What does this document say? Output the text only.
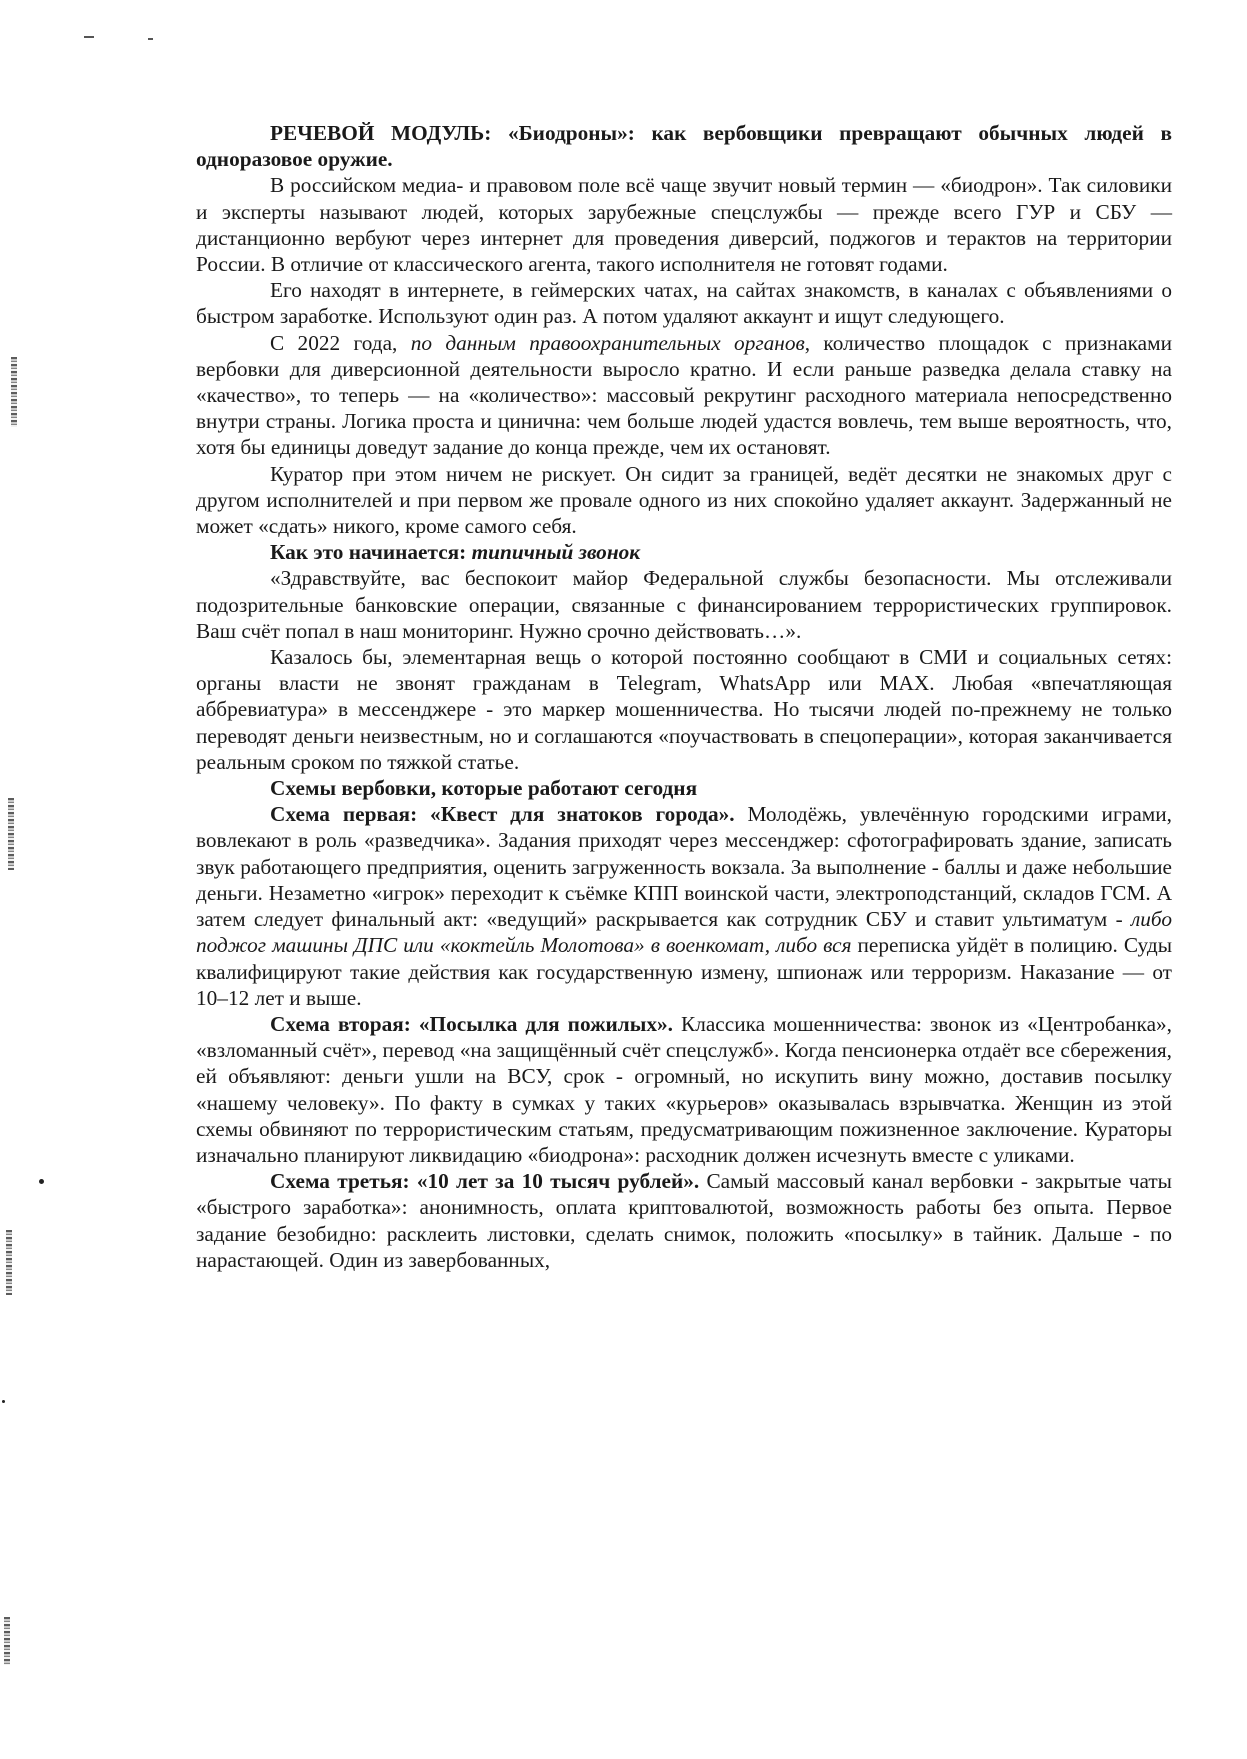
РЕЧЕВОЙ МОДУЛЬ: «Биодроны»: как вербовщики превращают обычных людей в одноразовое оружие.

В российском медиа- и правовом поле всё чаще звучит новый термин — «биодрон». Так силовики и эксперты называют людей, которых зарубежные спецслужбы — прежде всего ГУР и СБУ — дистанционно вербуют через интернет для проведения диверсий, поджогов и терактов на территории России. В отличие от классического агента, такого исполнителя не готовят годами.

Его находят в интернете, в геймерских чатах, на сайтах знакомств, в каналах с объявлениями о быстром заработке. Используют один раз. А потом удаляют аккаунт и ищут следующего.

С 2022 года, по данным правоохранительных органов, количество площадок с признаками вербовки для диверсионной деятельности выросло кратно. И если раньше разведка делала ставку на «качество», то теперь — на «количество»: массовый рекрутинг расходного материала непосредственно внутри страны. Логика проста и цинична: чем больше людей удастся вовлечь, тем выше вероятность, что, хотя бы единицы доведут задание до конца прежде, чем их остановят.

Куратор при этом ничем не рискует. Он сидит за границей, ведёт десятки не знакомых друг с другом исполнителей и при первом же провале одного из них спокойно удаляет аккаунт. Задержанный не может «сдать» никого, кроме самого себя.

Как это начинается: типичный звонок

«Здравствуйте, вас беспокоит майор Федеральной службы безопасности. Мы отслеживали подозрительные банковские операции, связанные с финансированием террористических группировок. Ваш счёт попал в наш мониторинг. Нужно срочно действовать…».

Казалось бы, элементарная вещь о которой постоянно сообщают в СМИ и социальных сетях: органы власти не звонят гражданам в Telegram, WhatsApp или MAX. Любая «впечатляющая аббревиатура» в мессенджере - это маркер мошенничества. Но тысячи людей по-прежнему не только переводят деньги неизвестным, но и соглашаются «поучаствовать в спецоперации», которая заканчивается реальным сроком по тяжкой статье.

Схемы вербовки, которые работают сегодня

Схема первая: «Квест для знатоков города». Молодёжь, увлечённую городскими играми, вовлекают в роль «разведчика». Задания приходят через мессенджер: сфотографировать здание, записать звук работающего предприятия, оценить загруженность вокзала. За выполнение - баллы и даже небольшие деньги. Незаметно «игрок» переходит к съёмке КПП воинской части, электроподстанций, складов ГСМ. А затем следует финальный акт: «ведущий» раскрывается как сотрудник СБУ и ставит ультиматум - либо поджог машины ДПС или «коктейль Молотова» в военкомат, либо вся переписка уйдёт в полицию. Суды квалифицируют такие действия как государственную измену, шпионаж или терроризм. Наказание — от 10–12 лет и выше.

Схема вторая: «Посылка для пожилых». Классика мошенничества: звонок из «Центробанка», «взломанный счёт», перевод «на защищённый счёт спецслужб». Когда пенсионерка отдаёт все сбережения, ей объявляют: деньги ушли на ВСУ, срок - огромный, но искупить вину можно, доставив посылку «нашему человеку». По факту в сумках у таких «курьеров» оказывалась взрывчатка. Женщин из этой схемы обвиняют по террористическим статьям, предусматривающим пожизненное заключение. Кураторы изначально планируют ликвидацию «биодрона»: расходник должен исчезнуть вместе с уликами.

Схема третья: «10 лет за 10 тысяч рублей». Самый массовый канал вербовки - закрытые чаты «быстрого заработка»: анонимность, оплата криптовалютой, возможность работы без опыта. Первое задание безобидно: расклеить листовки, сделать снимок, положить «посылку» в тайник. Дальше - по нарастающей. Один из завербованных,
